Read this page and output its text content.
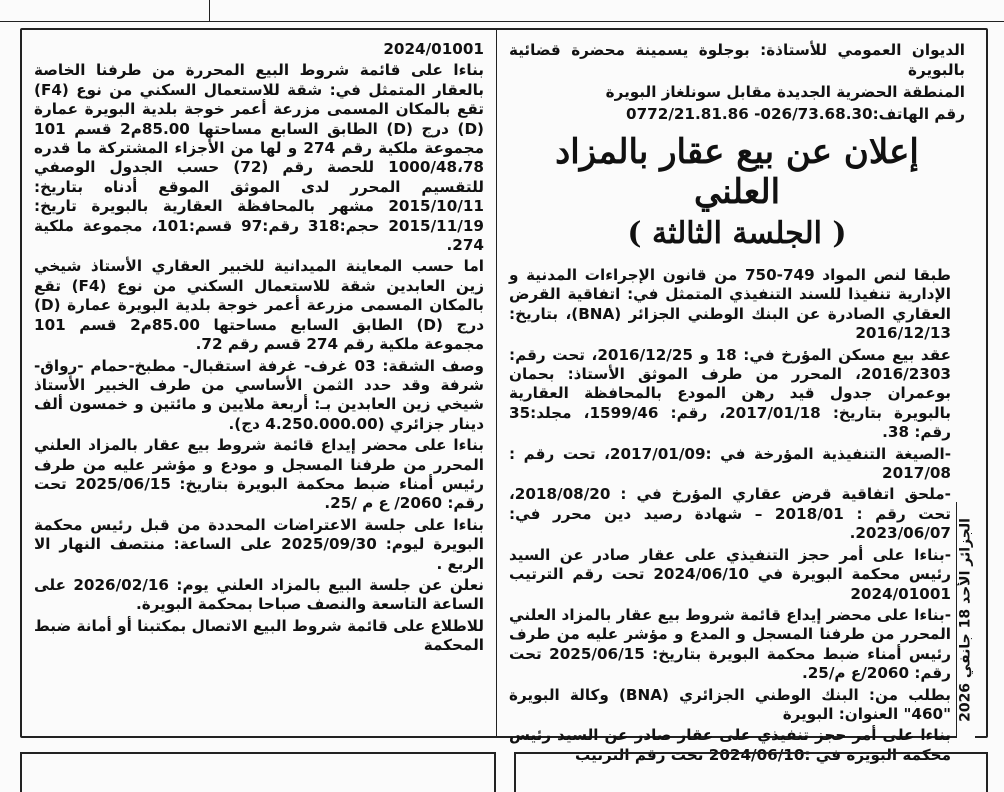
2024/01001

بناءا على قائمة شروط البيع المحررة من طرفنا الخاصة بالعقار المتمثل في: شقة للاستعمال السكني من نوع (F4) تقع بالمكان المسمى مزرعة أعمر خوجة بلدية البويرة عمارة (D) درج (D) الطابق السابع مساحتها 85.00م2 قسم 101 مجموعة ملكية رقم 274 و لها من الأجزاء المشتركة ما قدره 1000/48،78 للحصة رقم (72) حسب الجدول الوصفي للتقسيم المحرر لدى الموثق الموقع أدناه بتاريخ: 2015/10/11 مشهر بالمحافظة العقارية بالبويرة تاريخ: 2015/11/19 حجم:318 رقم:97 قسم:101، مجموعة ملكية 274.

اما حسب المعاينة الميدانية للخبير العقاري الأستاذ شيخي زين العابدين شقة للاستعمال السكني من نوع (F4) تقع بالمكان المسمى مزرعة أعمر خوجة بلدية البويرة عمارة (D) درج (D) الطابق السابع مساحتها 85.00م2 قسم 101 مجموعة ملكية رقم 274 قسم رقم 72.

وصف الشقة: 03 غرف- غرفة استقبال- مطبخ-حمام -رواق- شرفة وقد حدد الثمن الأساسي من طرف الخبير الأستاذ شيخي زين العابدين بـ: أربعة ملايين و مائتين و خمسون ألف دينار جزائري (4.250.000.00 دج).

بناءا على محضر إيداع قائمة شروط بيع عقار بالمزاد العلني المحرر من طرفنا المسجل و مودع و مؤشر عليه من طرف رئيس أمناء ضبط محكمة البويرة بتاريخ: 2025/06/15 تحت رقم: 2060/ ع م /25.

بناءا على جلسة الاعتراضات المحددة من قبل رئيس محكمة البويرة ليوم: 2025/09/30 على الساعة: منتصف النهار الا الربع .

نعلن عن جلسة البيع بالمزاد العلني يوم: 2026/02/16 على الساعة التاسعة والنصف صباحا بمحكمة البويرة.

للاطلاع على قائمة شروط البيع الاتصال بمكتبنا أو أمانة ضبط المحكمة

الديوان العمومي للأستاذة: بوجلوة يسمينة محضرة قضائية بالبويرة

المنطقة الحضرية الجديدة مقابل سونلغاز البويرة

رقم الهاتف:026/73.68.30- 0772/21.81.86

إعلان عن بيع عقار بالمزاد العلني
( الجلسة الثالثة )

طبقا لنص المواد 749-750 من قانون الإجراءات المدنية و الإدارية تنفيذا للسند التنفيذي المتمثل في: اتفاقية القرض العقاري الصادرة عن البنك الوطني الجزائر (BNA)، بتاريخ: 2016/12/13

عقد بيع مسكن المؤرخ في: 18 و 2016/12/25، تحت رقم: 2016/2303، المحرر من طرف الموثق الأستاذ: بحمان بوعمران جدول قيد رهن المودع بالمحافظة العقارية بالبويرة بتاريخ: 2017/01/18، رقم: 1599/46، مجلد:35 رقم: 38.

-الصيغة التنفيذية المؤرخة في :2017/01/09، تحت رقم : 2017/08

-ملحق اتفاقية قرض عقاري المؤرخ في : 2018/08/20، تحت رقم : 2018/01 – شهادة رصيد دين محرر في: 2023/06/07.

-بناءا على أمر حجز التنفيذي على عقار صادر عن السيد رئيس محكمة البويرة في 2024/06/10 تحت رقم الترتيب 2024/01001

-بناءا على محضر إيداع قائمة شروط بيع عقار بالمزاد العلني المحرر من طرفنا المسجل و المدع و مؤشر عليه من طرف رئيس أمناء ضبط محكمة البويرة بتاريخ: 2025/06/15 تحت رقم: 2060/ع م/25.

بطلب من: البنك الوطني الجزائري (BNA) وكالة البويرة "460" العنوان: البويرة

بناءا على أمر حجز تنفيذي على عقار صادر عن السيد رئيس محكمة البويرة في :2024/06/10 تحت رقم الترتيب

الجزائر الأحد 18 جانفي 2026
